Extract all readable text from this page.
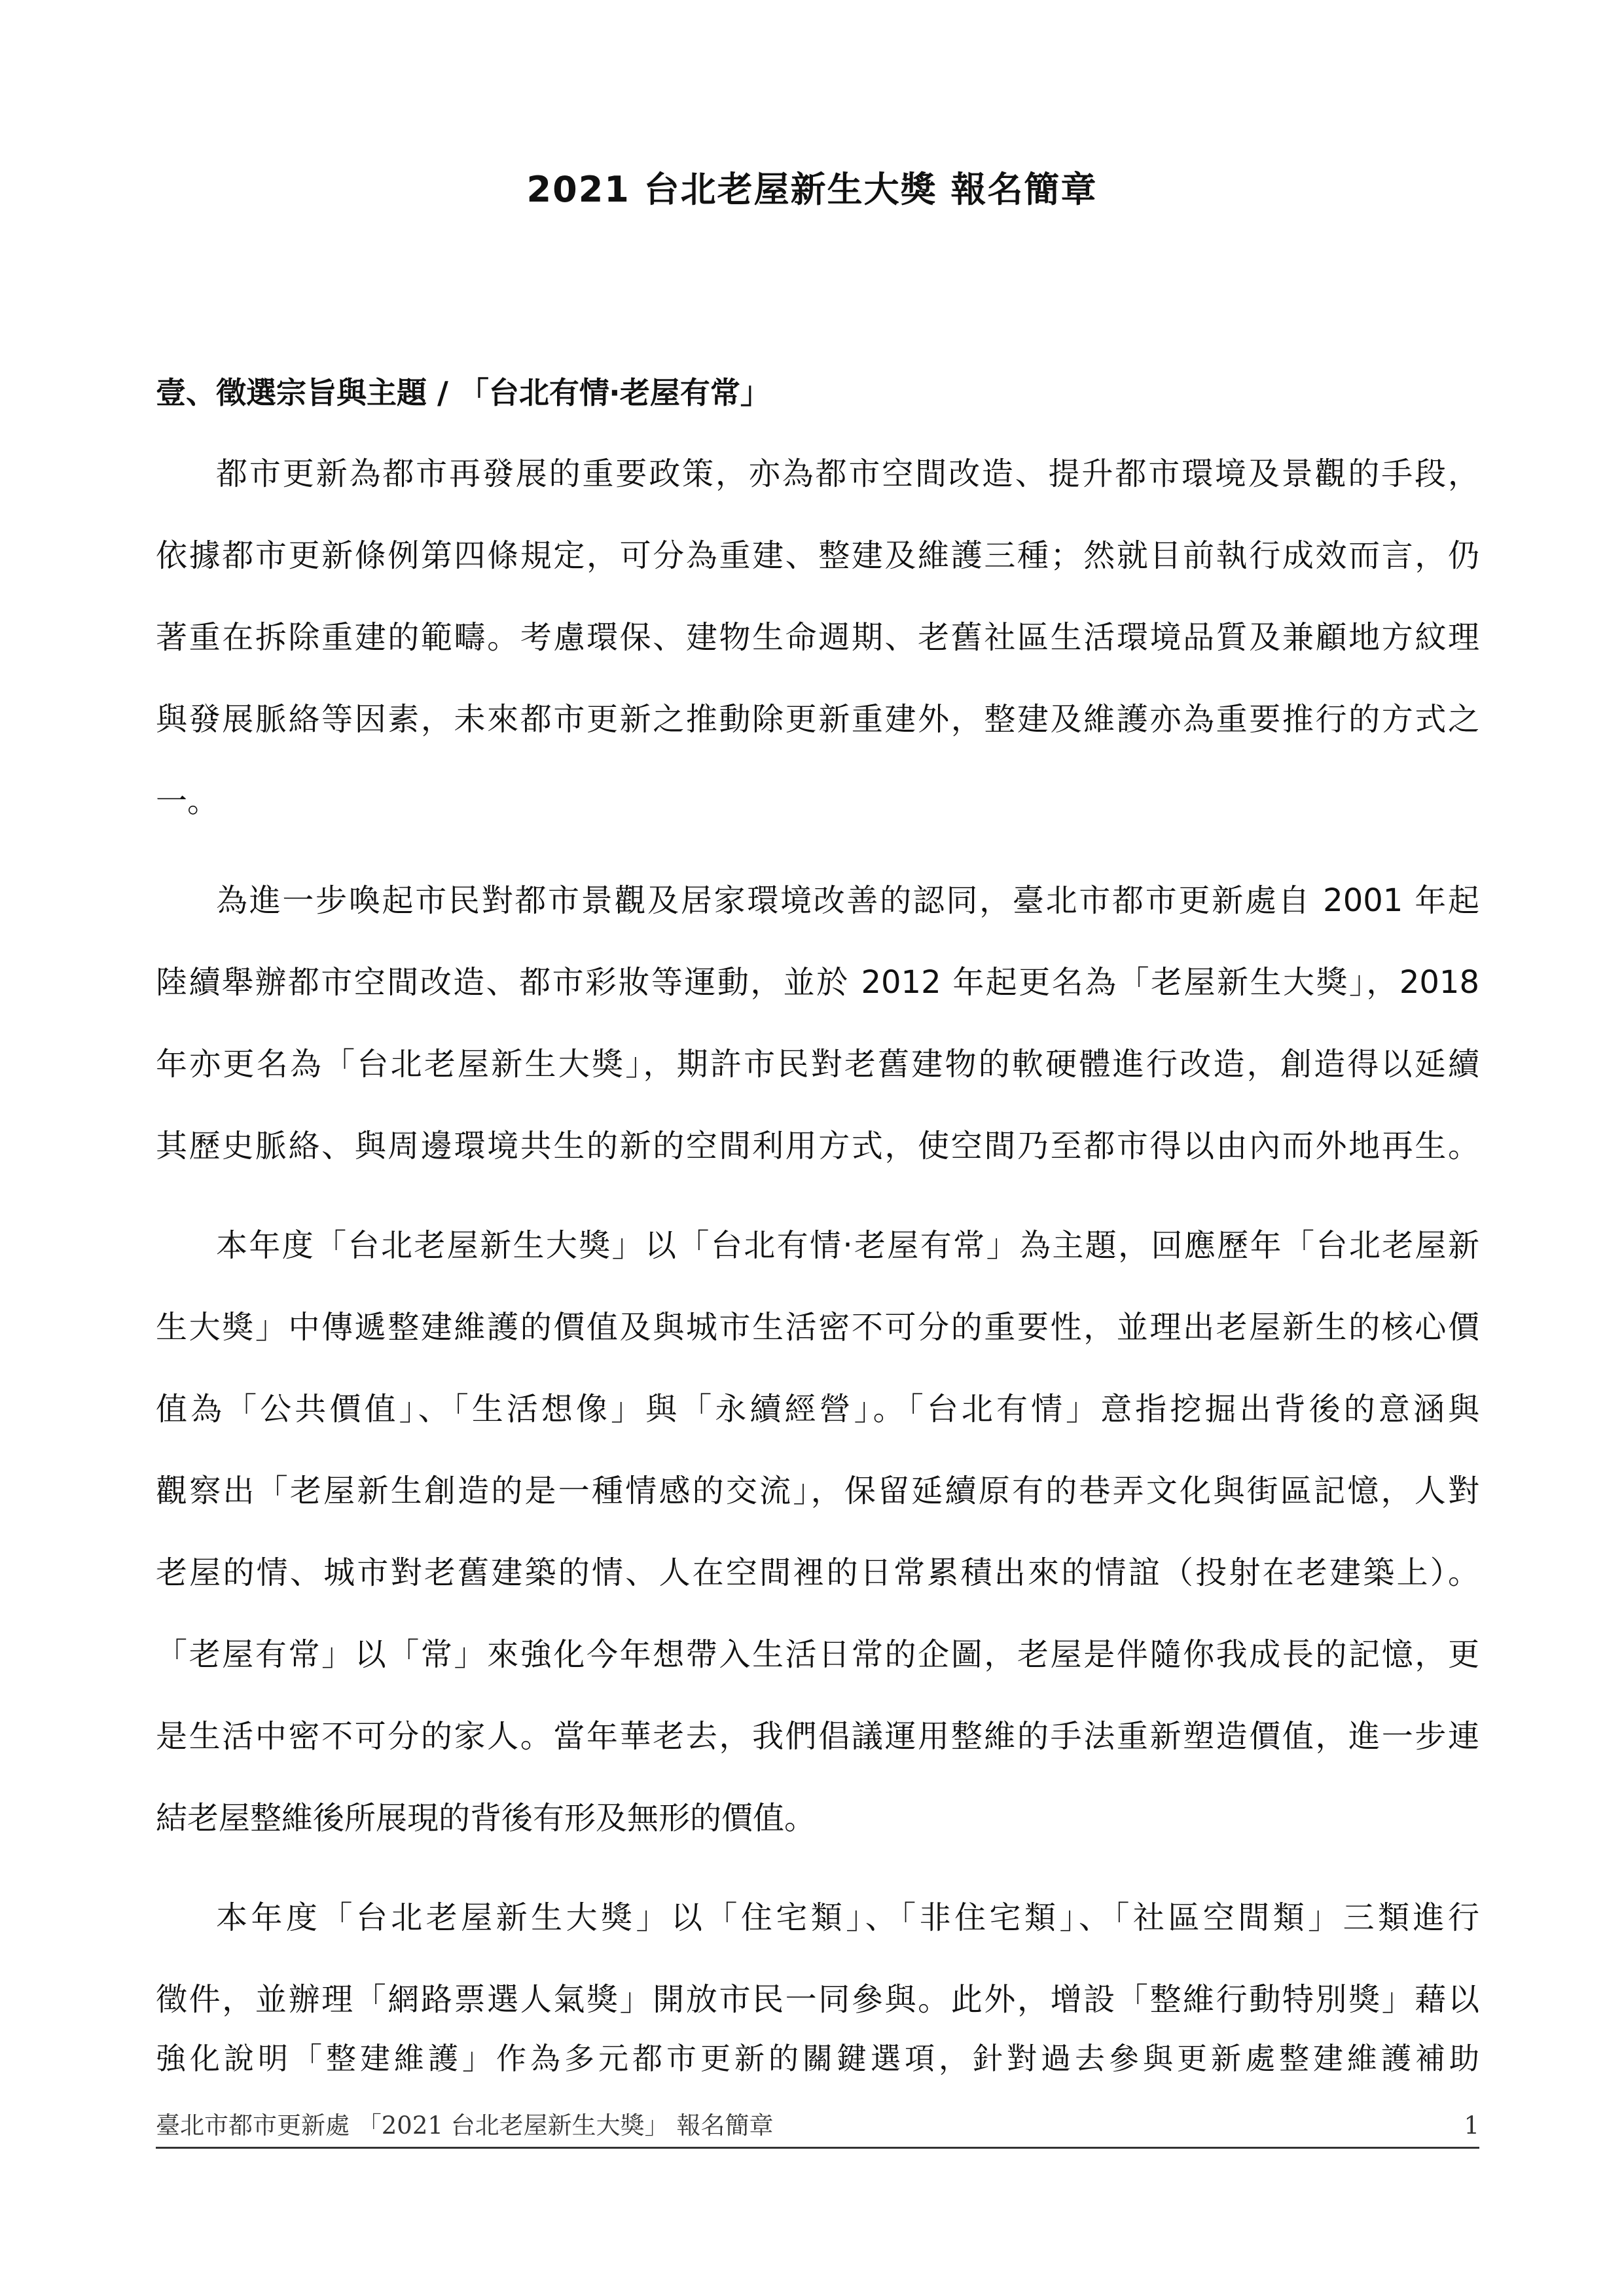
2021 台北老屋新生大獎 報名簡章
壹、徵選宗旨與主題 / 「台北有情‧老屋有常」

都市更新為都市再發展的重要政策，亦為都市空間改造、提升都市環境及景觀的手段，

依據都市更新條例第四條規定，可分為重建、整建及維護三種；然就目前執行成效而言，仍

著重在拆除重建的範疇。考慮環保、建物生命週期、老舊社區生活環境品質及兼顧地方紋理

與發展脈絡等因素，未來都市更新之推動除更新重建外，整建及維護亦為重要推行的方式之

一。

為進一步喚起市民對都市景觀及居家環境改善的認同，臺北市都市更新處自 2001 年起

陸續舉辦都市空間改造、都市彩妝等運動，並於 2012 年起更名為「老屋新生大獎」，2018

年亦更名為「台北老屋新生大獎」，期許市民對老舊建物的軟硬體進行改造，創造得以延續

其歷史脈絡、與周邊環境共生的新的空間利用方式，使空間乃至都市得以由內而外地再生。

本年度「台北老屋新生大獎」以「台北有情‧老屋有常」為主題，回應歷年「台北老屋新

生大獎」中傳遞整建維護的價值及與城市生活密不可分的重要性，並理出老屋新生的核心價

值為「公共價值」、「生活想像」與「永續經營」。「台北有情」意指挖掘出背後的意涵與

觀察出「老屋新生創造的是一種情感的交流」，保留延續原有的巷弄文化與街區記憶，人對

老屋的情、城市對老舊建築的情、人在空間裡的日常累積出來的情誼（投射在老建築上）。

「老屋有常」以「常」來強化今年想帶入生活日常的企圖，老屋是伴隨你我成長的記憶，更

是生活中密不可分的家人。當年華老去，我們倡議運用整維的手法重新塑造價值，進一步連

結老屋整維後所展現的背後有形及無形的價值。

本年度「台北老屋新生大獎」以「住宅類」、「非住宅類」、「社區空間類」三類進行

徵件，並辦理「網路票選人氣獎」開放市民一同參與。此外，增設「整維行動特別獎」藉以

強化說明「整建維護」作為多元都市更新的關鍵選項，針對過去參與更新處整建維護補助

臺北市都市更新處 「2021 台北老屋新生大獎」 報名簡章	1
